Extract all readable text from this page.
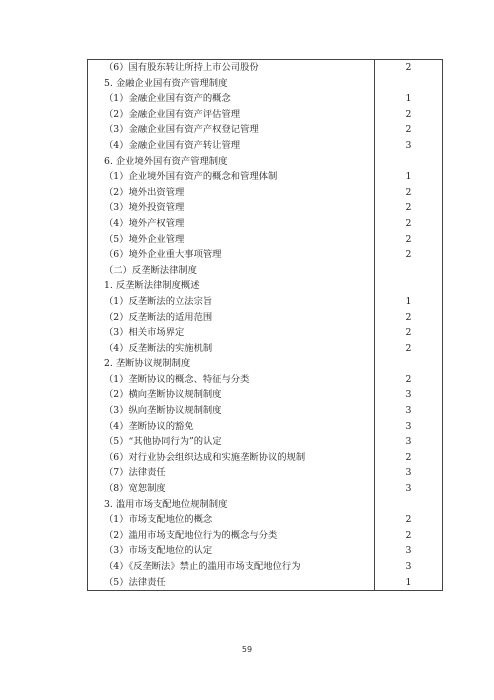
（6）国有股东转让所持上市公司股份	2
5. 金融企业国有资产管理制度	
（1）金融企业国有资产的概念	1
（2）金融企业国有资产评估管理	2
（3）金融企业国有资产产权登记管理	2
（4）金融企业国有资产转让管理	3
6. 企业境外国有资产管理制度	
（1）企业境外国有资产的概念和管理体制	1
（2）境外出资管理	2
（3）境外投资管理	2
（4）境外产权管理	2
（5）境外企业管理	2
（6）境外企业重大事项管理	2
（二）反垄断法律制度	
1. 反垄断法律制度概述	
（1）反垄断法的立法宗旨	1
（2）反垄断法的适用范围	2
（3）相关市场界定	2
（4）反垄断法的实施机制	2
2. 垄断协议规制制度	
（1）垄断协议的概念、特征与分类	2
（2）横向垄断协议规制制度	3
（3）纵向垄断协议规制制度	3
（4）垄断协议的豁免	3
（5）“其他协同行为”的认定	3
（6）对行业协会组织达成和实施垄断协议的规制	2
（7）法律责任	3
（8）宽恕制度	3
3. 滥用市场支配地位规制制度	
（1）市场支配地位的概念	2
（2）滥用市场支配地位行为的概念与分类	2
（3）市场支配地位的认定	3
（4）《反垄断法》禁止的滥用市场支配地位行为	3
（5）法律责任	1
59
